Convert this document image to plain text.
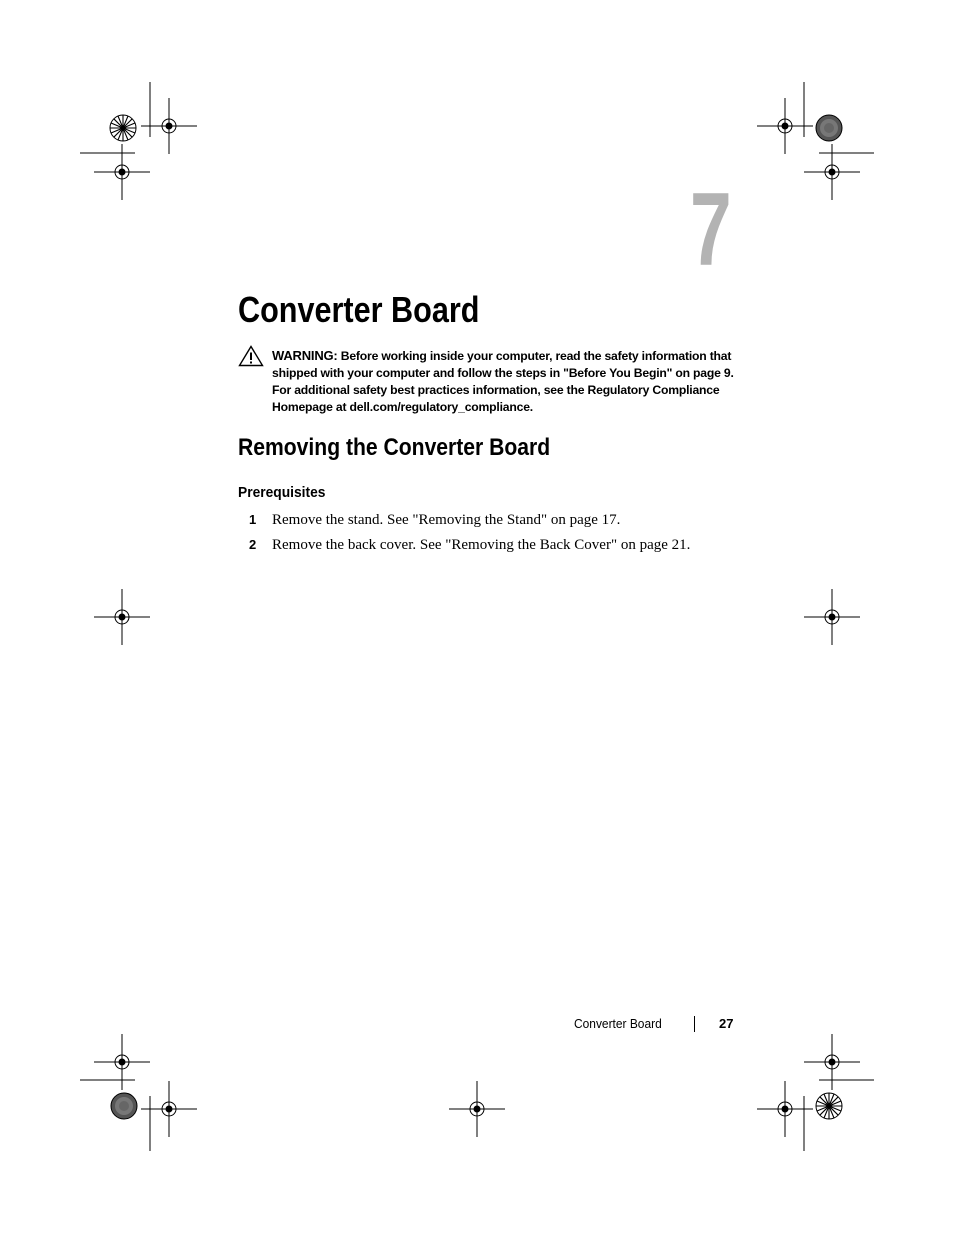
7
Converter Board
WARNING: Before working inside your computer, read the safety information that shipped with your computer and follow the steps in "Before You Begin" on page 9. For additional safety best practices information, see the Regulatory Compliance Homepage at dell.com/regulatory_compliance.
Removing the Converter Board
Prerequisites
1 Remove the stand. See "Removing the Stand" on page 17.
2 Remove the back cover. See "Removing the Back Cover" on page 21.
Converter Board	27
